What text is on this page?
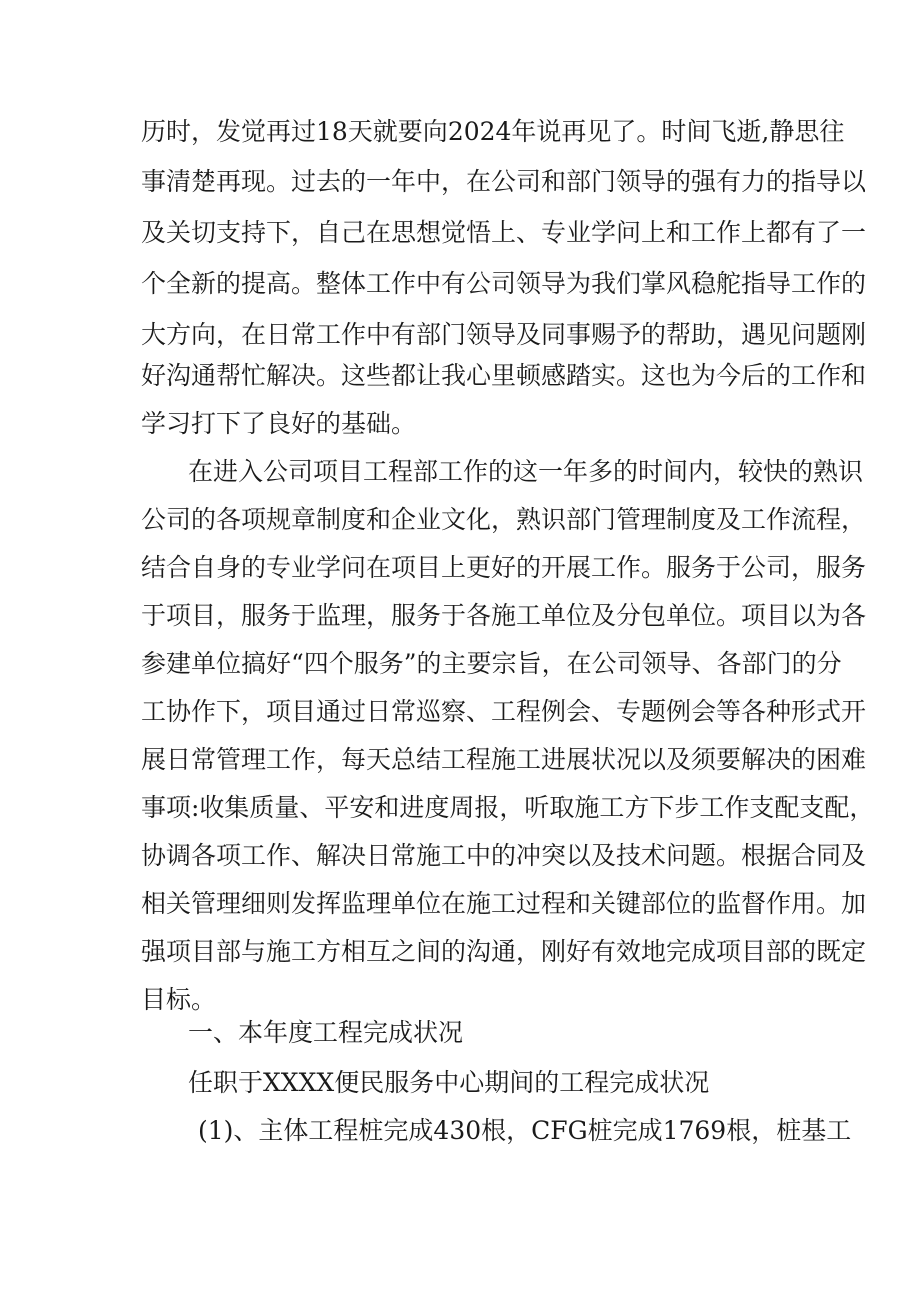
历时，发觉再过18天就要向2024年说再见了。时间飞逝,静思往
事清楚再现。过去的一年中，在公司和部门领导的强有力的指导以
及关切支持下，自己在思想觉悟上、专业学问上和工作上都有了一
个全新的提高。整体工作中有公司领导为我们掌风稳舵指导工作的
大方向，在日常工作中有部门领导及同事赐予的帮助，遇见问题刚
好沟通帮忙解决。这些都让我心里顿感踏实。这也为今后的工作和
学习打下了良好的基础。
在进入公司项目工程部工作的这一年多的时间内，较快的熟识
公司的各项规章制度和企业文化，熟识部门管理制度及工作流程，
结合自身的专业学问在项目上更好的开展工作。服务于公司，服务
于项目，服务于监理，服务于各施工单位及分包单位。项目以为各
参建单位搞好“四个服务”的主要宗旨，在公司领导、各部门的分
工协作下，项目通过日常巡察、工程例会、专题例会等各种形式开
展日常管理工作，每天总结工程施工进展状况以及须要解决的困难
事项:收集质量、平安和进度周报，听取施工方下步工作支配支配，
协调各项工作、解决日常施工中的冲突以及技术问题。根据合同及
相关管理细则发挥监理单位在施工过程和关键部位的监督作用。加
强项目部与施工方相互之间的沟通，刚好有效地完成项目部的既定
目标。
一、本年度工程完成状况
任职于XXXX便民服务中心期间的工程完成状况
(1)、主体工程桩完成430根，CFG桩完成1769根，桩基工
